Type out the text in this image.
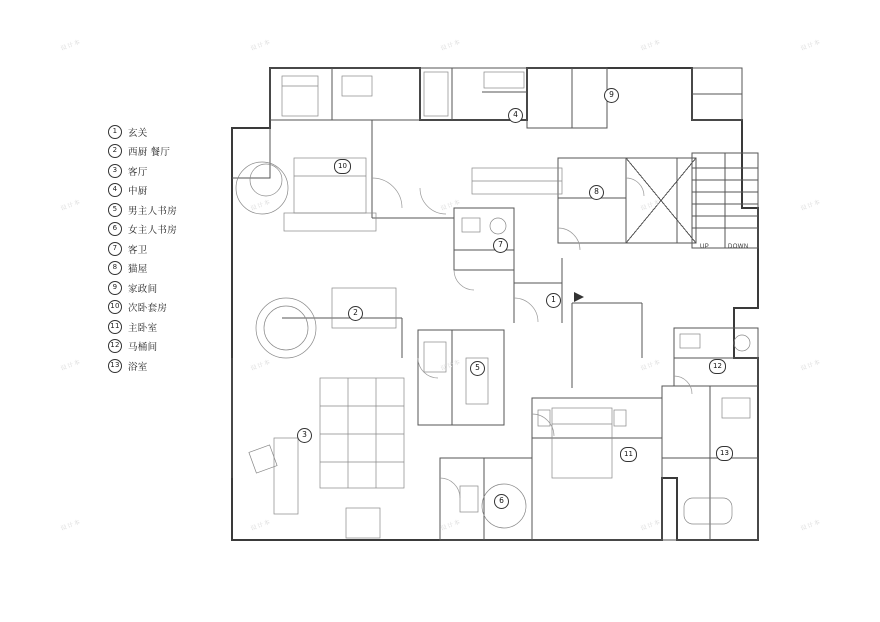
1	玄关
2	西厨 餐厅
3	客厅
4	中厨
5	男主人书房
6	女主人书房
7	客卫
8	猫屋
9	家政间
10 次卧套房
11 主卧室
12 马桶间
13 浴室
1
2
3
4
5
6
7
8
9
10
11
12
13
UP	DOWN
设计本	设计本	设计本	设计本	设计本
设计本	设计本	设计本	设计本	设计本
设计本	设计本	设计本	设计本	设计本
设计本	设计本	设计本	设计本	设计本
